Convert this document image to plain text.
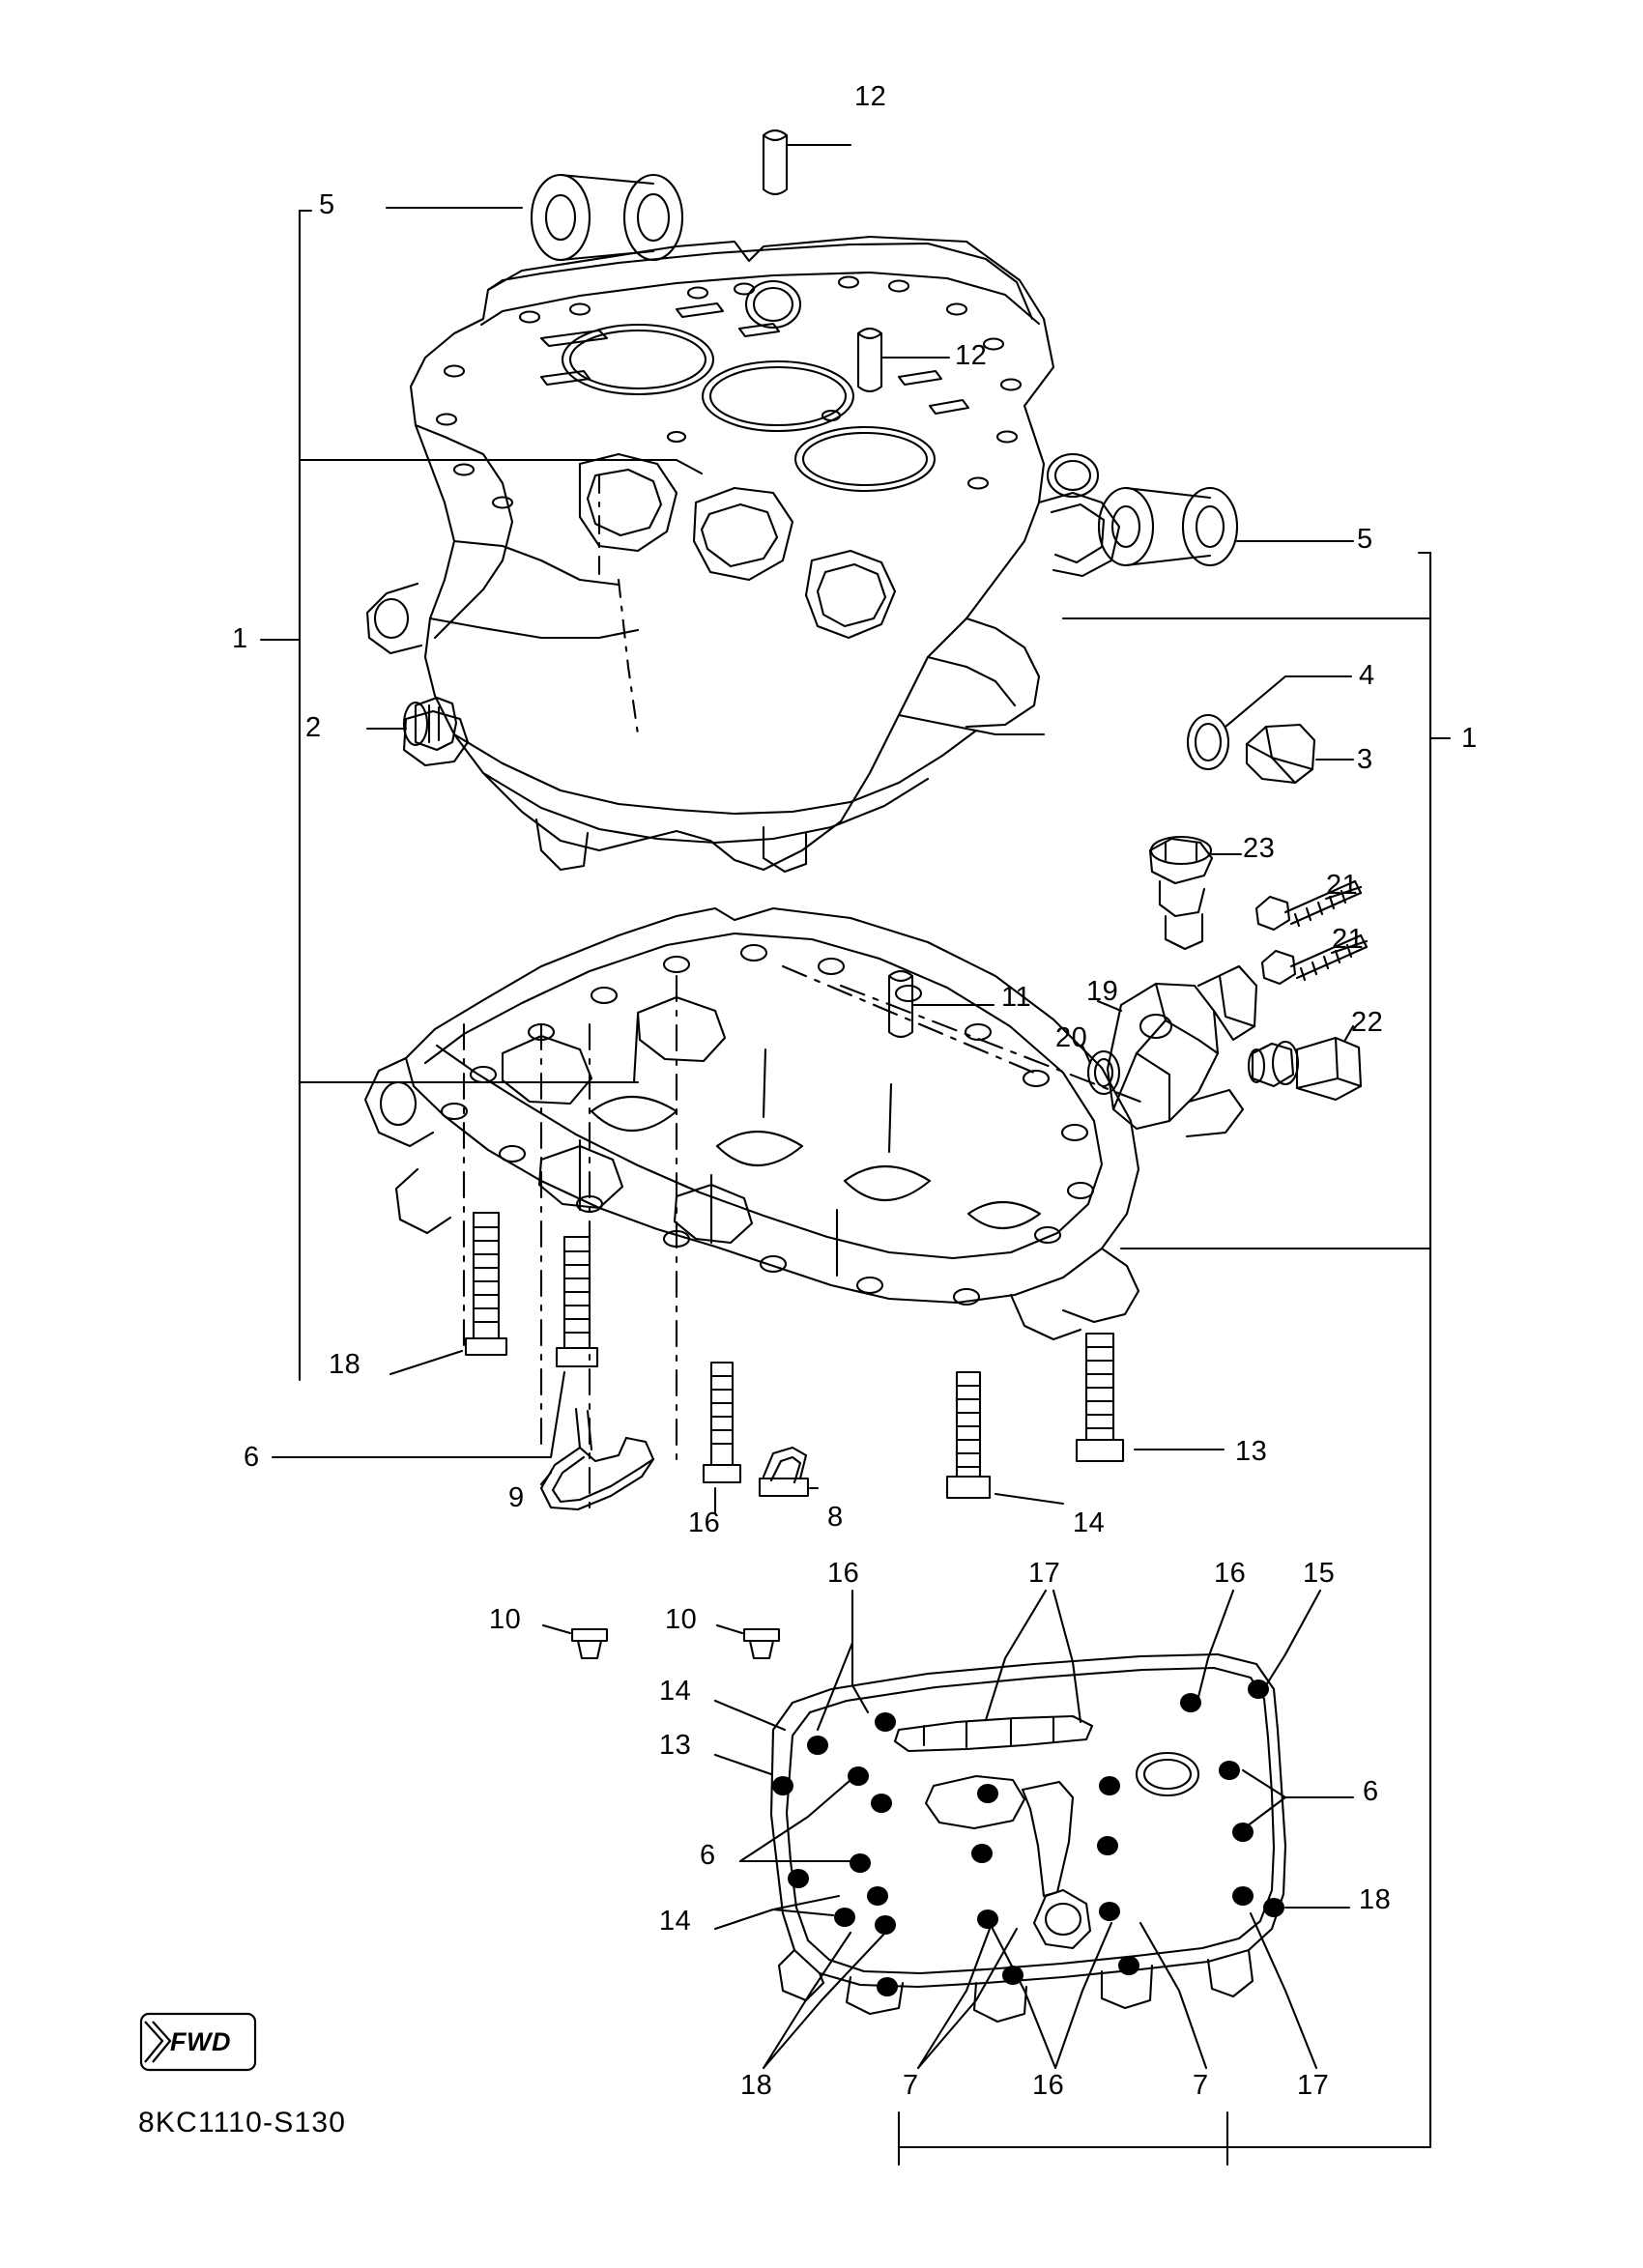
FWD
8KC1110-S130
12
5
12
5
1
4
2
3
1
23
21
21
11 19
22
20
18
13
6
9
16	8	14
16	17	16 15
10	10
14
13
6
6
14
18
18	7	16	7	17
